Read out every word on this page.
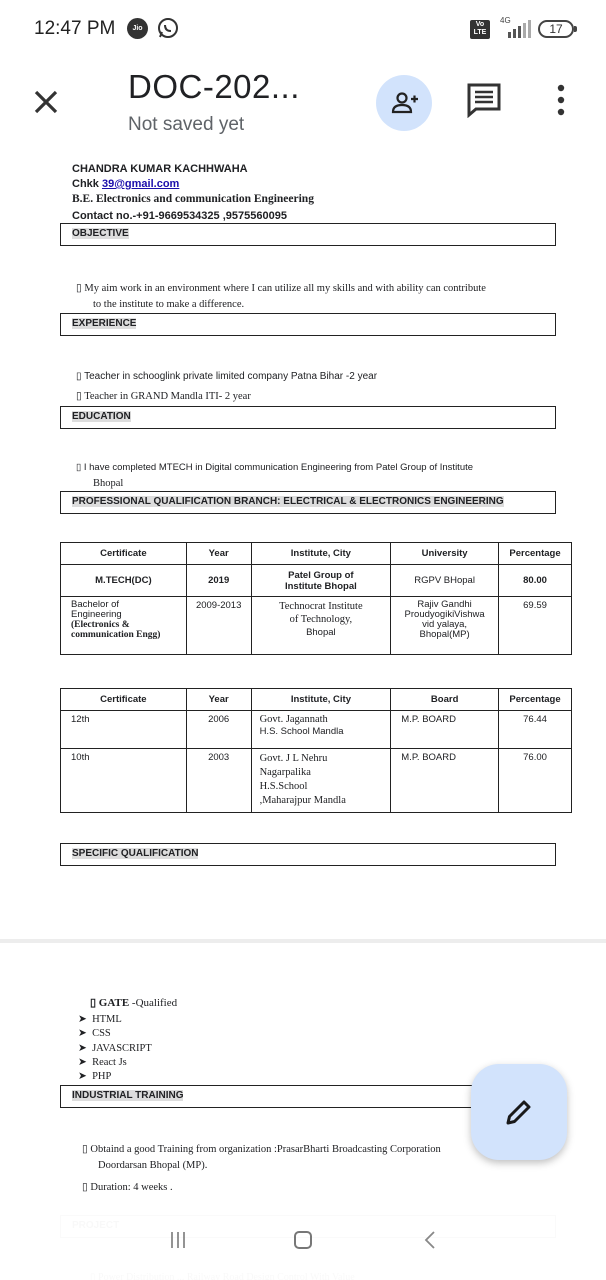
12:47 PM	Jio
Vo LTE
4G
17
DOC-202...
Not saved yet
CHANDRA KUMAR KACHHWAHA
Chkk 39@gmail.com
B.E. Electronics and communication Engineering
Contact no.-+91-9669534325 ,9575560095
OBJECTIVE
▯ My aim work in an environment where I can utilize all my skills and with ability can contribute
to the institute to make a difference.
EXPERIENCE
▯ Teacher in schooglink private limited company Patna Bihar -2 year
▯ Teacher in GRAND Mandla ITI- 2 year
EDUCATION
▯ I have completed MTECH in Digital communication Engineering from Patel Group of Institute
Bhopal
PROFESSIONAL QUALIFICATION BRANCH: ELECTRICAL & ELECTRONICS ENGINEERING
Certificate	Year	Institute, City	University	Percentage
M.TECH(DC)	2019	Patel Group of
Institute Bhopal	RGPV BHopal	80.00
Bachelor of
Engineering
(Electronics &
communication Engg)	2009-2013	Technocrat Institute
of Technology,
Bhopal	Rajiv Gandhi
ProudyogikiVishwa
vid yalaya,
Bhopal(MP)	69.59
Certificate	Year	Institute, City	Board	Percentage
12th	2006	Govt. Jagannath
H.S. School Mandla	M.P. BOARD	76.44
10th	2003	Govt. J L Nehru
Nagarpalika
H.S.School
,Maharajpur Mandla	M.P. BOARD	76.00
SPECIFIC QUALIFICATION
▯ GATE -Qualified
➤  HTML
➤  CSS
➤  JAVASCRIPT
➤  React Js
➤  PHP
INDUSTRIAL TRAINING
▯ Obtaind a good Training from organization :PrasarBharti Broadcasting Corporation
Doordarsan Bhopal (MP).
▯ Duration: 4 weeks .
